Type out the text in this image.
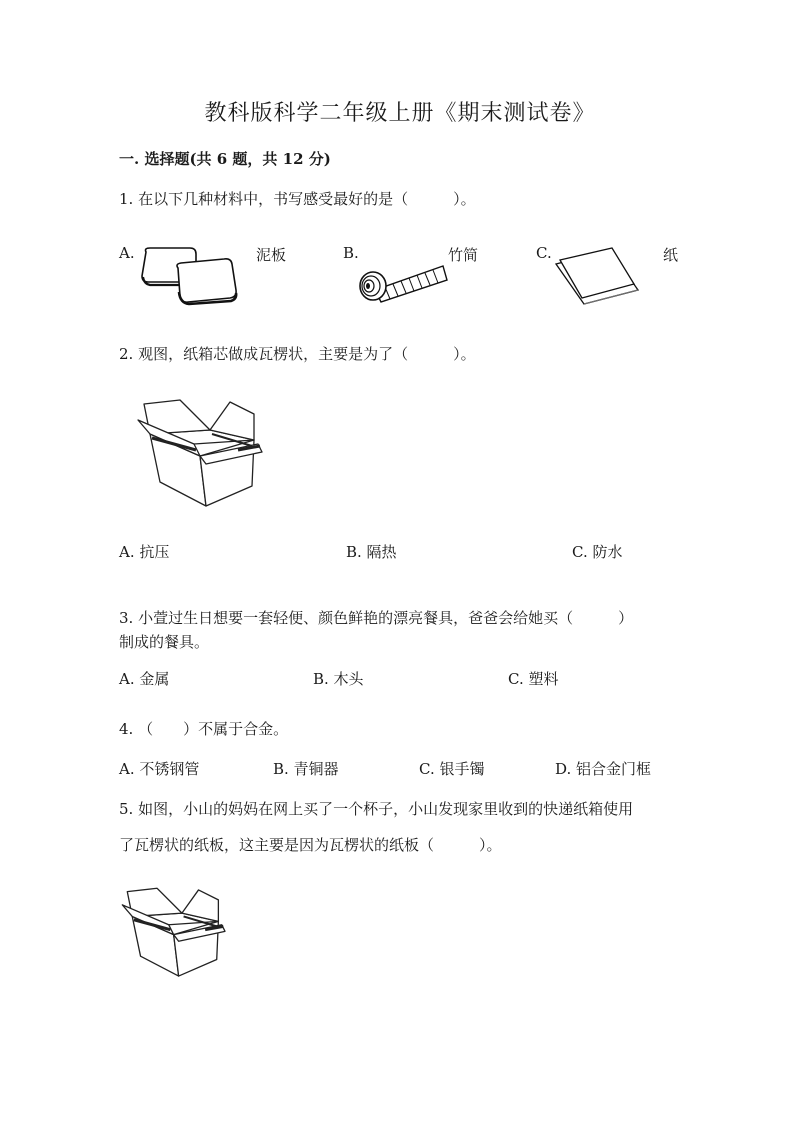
教科版科学二年级上册《期末测试卷》
一. 选择题(共 6 题，共 12 分)
1. 在以下几种材料中，书写感受最好的是（　　　）。
A.	泥板	B.	竹简	C.	纸
2. 观图，纸箱芯做成瓦楞状，主要是为了（　　　）。
A. 抗压	B. 隔热	C. 防水
3. 小萱过生日想要一套轻便、颜色鲜艳的漂亮餐具，爸爸会给她买（　　　）
制成的餐具。
A. 金属	B. 木头	C. 塑料
4. （　　）不属于合金。
A. 不锈钢管	B. 青铜器	C. 银手镯	D. 铝合金门框
5. 如图，小山的妈妈在网上买了一个杯子，小山发现家里收到的快递纸箱使用
了瓦楞状的纸板，这主要是因为瓦楞状的纸板（　　　）。
